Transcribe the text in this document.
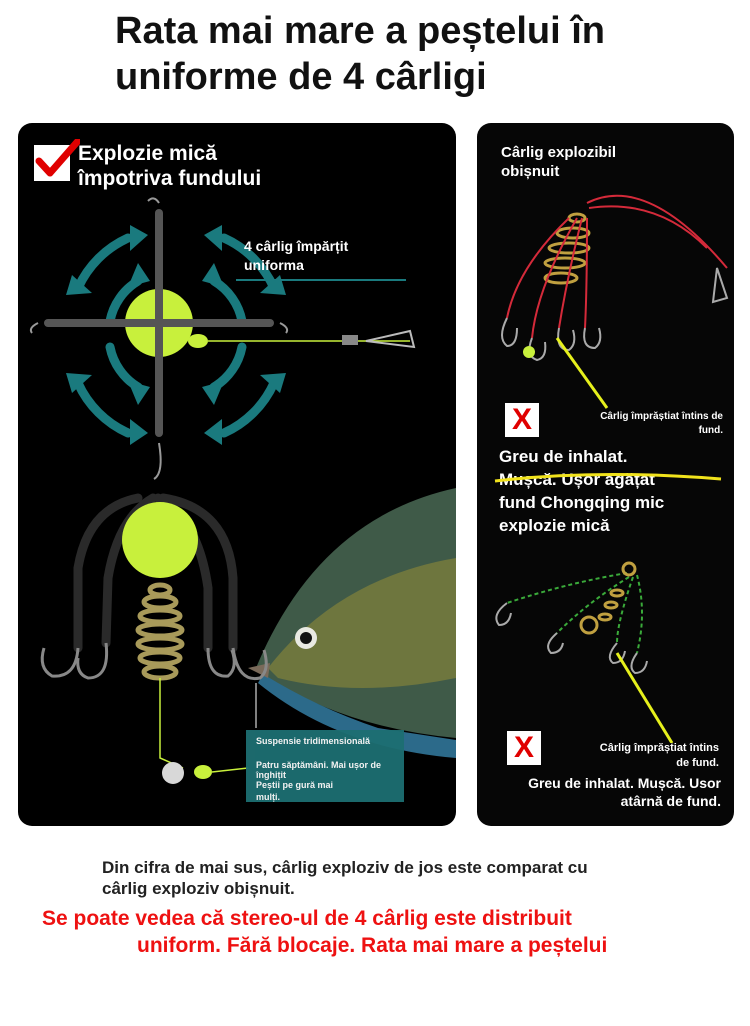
Rata mai mare a peștelui în
uniforme de 4 cârligi
Explozie mică
împotriva fundului
4 cârlig împărțit
uniforma
Suspensie tridimensională
Patru săptămâni. Mai ușor de înghițit
Peștii pe gură mai
mulți.
Cârlig explozibil
obișnuit
X	Cârlig împrăștiat întins de
fund.
Greu de inhalat.
Mușcă. Ușor agățat
fund Chongqing mic
explozie mică
X	Cârlig împrăștiat întins
de fund.
Greu de inhalat. Mușcă. Usor
atârnă de fund.
Din cifra de mai sus, cârlig exploziv de jos este comparat cu
cârlig exploziv obișnuit.
Se poate vedea că stereo-ul de 4 cârlig este distribuit
uniform. Fără blocaje. Rata mai mare a peștelui
